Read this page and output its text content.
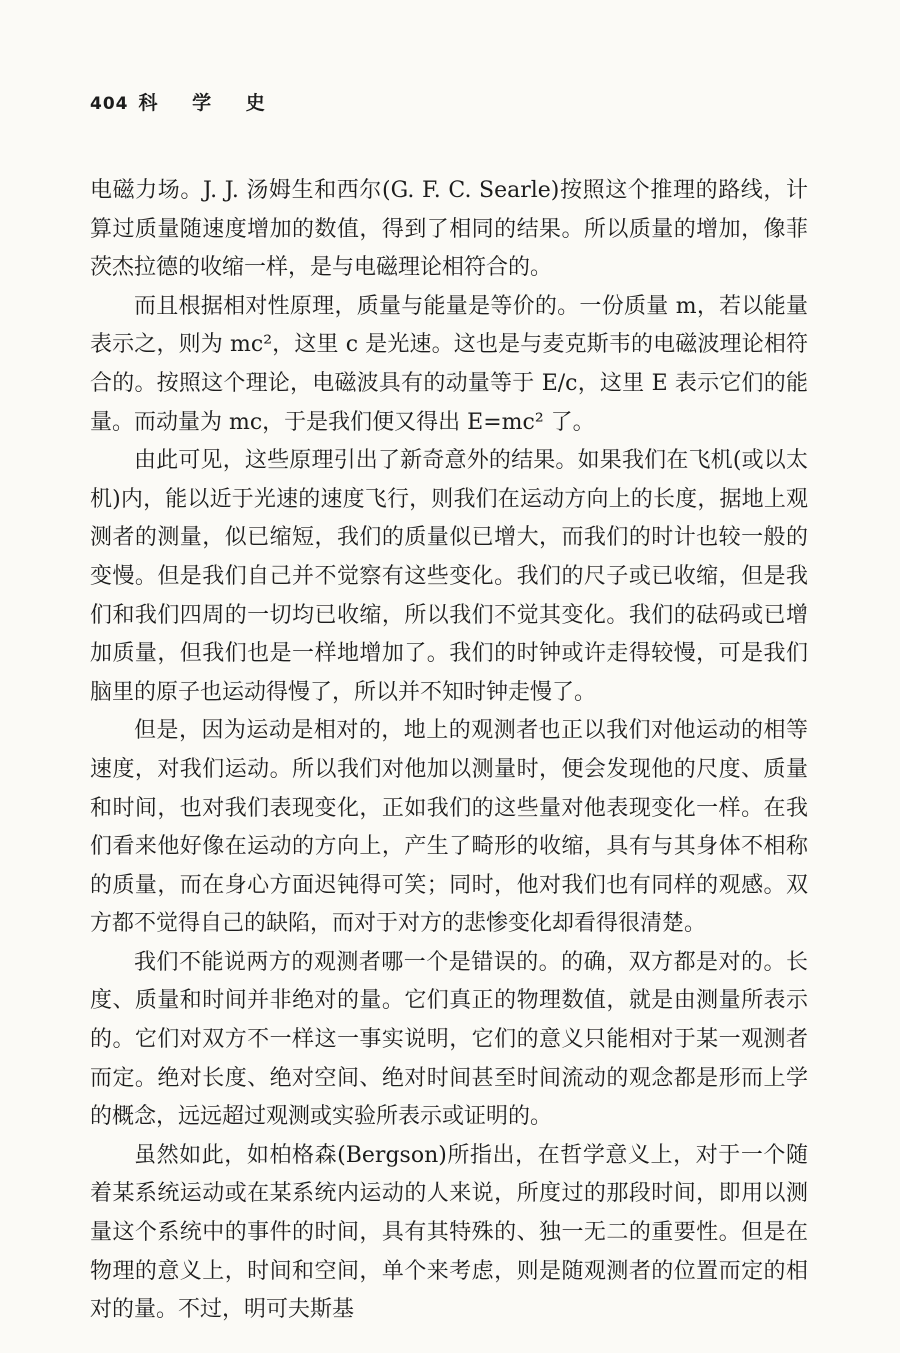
404 科 学 史

电磁力场。J. J. 汤姆生和西尔(G. F. C. Searle)按照这个推理的路线，计算过质量随速度增加的数值，得到了相同的结果。所以质量的增加，像菲茨杰拉德的收缩一样，是与电磁理论相符合的。

而且根据相对性原理，质量与能量是等价的。一份质量 m，若以能量表示之，则为 mc²，这里 c 是光速。这也是与麦克斯韦的电磁波理论相符合的。按照这个理论，电磁波具有的动量等于 E/c，这里 E 表示它们的能量。而动量为 mc，于是我们便又得出 E=mc² 了。

由此可见，这些原理引出了新奇意外的结果。如果我们在飞机(或以太机)内，能以近于光速的速度飞行，则我们在运动方向上的长度，据地上观测者的测量，似已缩短，我们的质量似已增大，而我们的时计也较一般的变慢。但是我们自己并不觉察有这些变化。我们的尺子或已收缩，但是我们和我们四周的一切均已收缩，所以我们不觉其变化。我们的砝码或已增加质量，但我们也是一样地增加了。我们的时钟或许走得较慢，可是我们脑里的原子也运动得慢了，所以并不知时钟走慢了。

但是，因为运动是相对的，地上的观测者也正以我们对他运动的相等速度，对我们运动。所以我们对他加以测量时，便会发现他的尺度、质量和时间，也对我们表现变化，正如我们的这些量对他表现变化一样。在我们看来他好像在运动的方向上，产生了畸形的收缩，具有与其身体不相称的质量，而在身心方面迟钝得可笑；同时，他对我们也有同样的观感。双方都不觉得自己的缺陷，而对于对方的悲惨变化却看得很清楚。

我们不能说两方的观测者哪一个是错误的。的确，双方都是对的。长度、质量和时间并非绝对的量。它们真正的物理数值，就是由测量所表示的。它们对双方不一样这一事实说明，它们的意义只能相对于某一观测者而定。绝对长度、绝对空间、绝对时间甚至时间流动的观念都是形而上学的概念，远远超过观测或实验所表示或证明的。

虽然如此，如柏格森(Bergson)所指出，在哲学意义上，对于一个随着某系统运动或在某系统内运动的人来说，所度过的那段时间，即用以测量这个系统中的事件的时间，具有其特殊的、独一无二的重要性。但是在物理的意义上，时间和空间，单个来考虑，则是随观测者的位置而定的相对的量。不过，明可夫斯基
